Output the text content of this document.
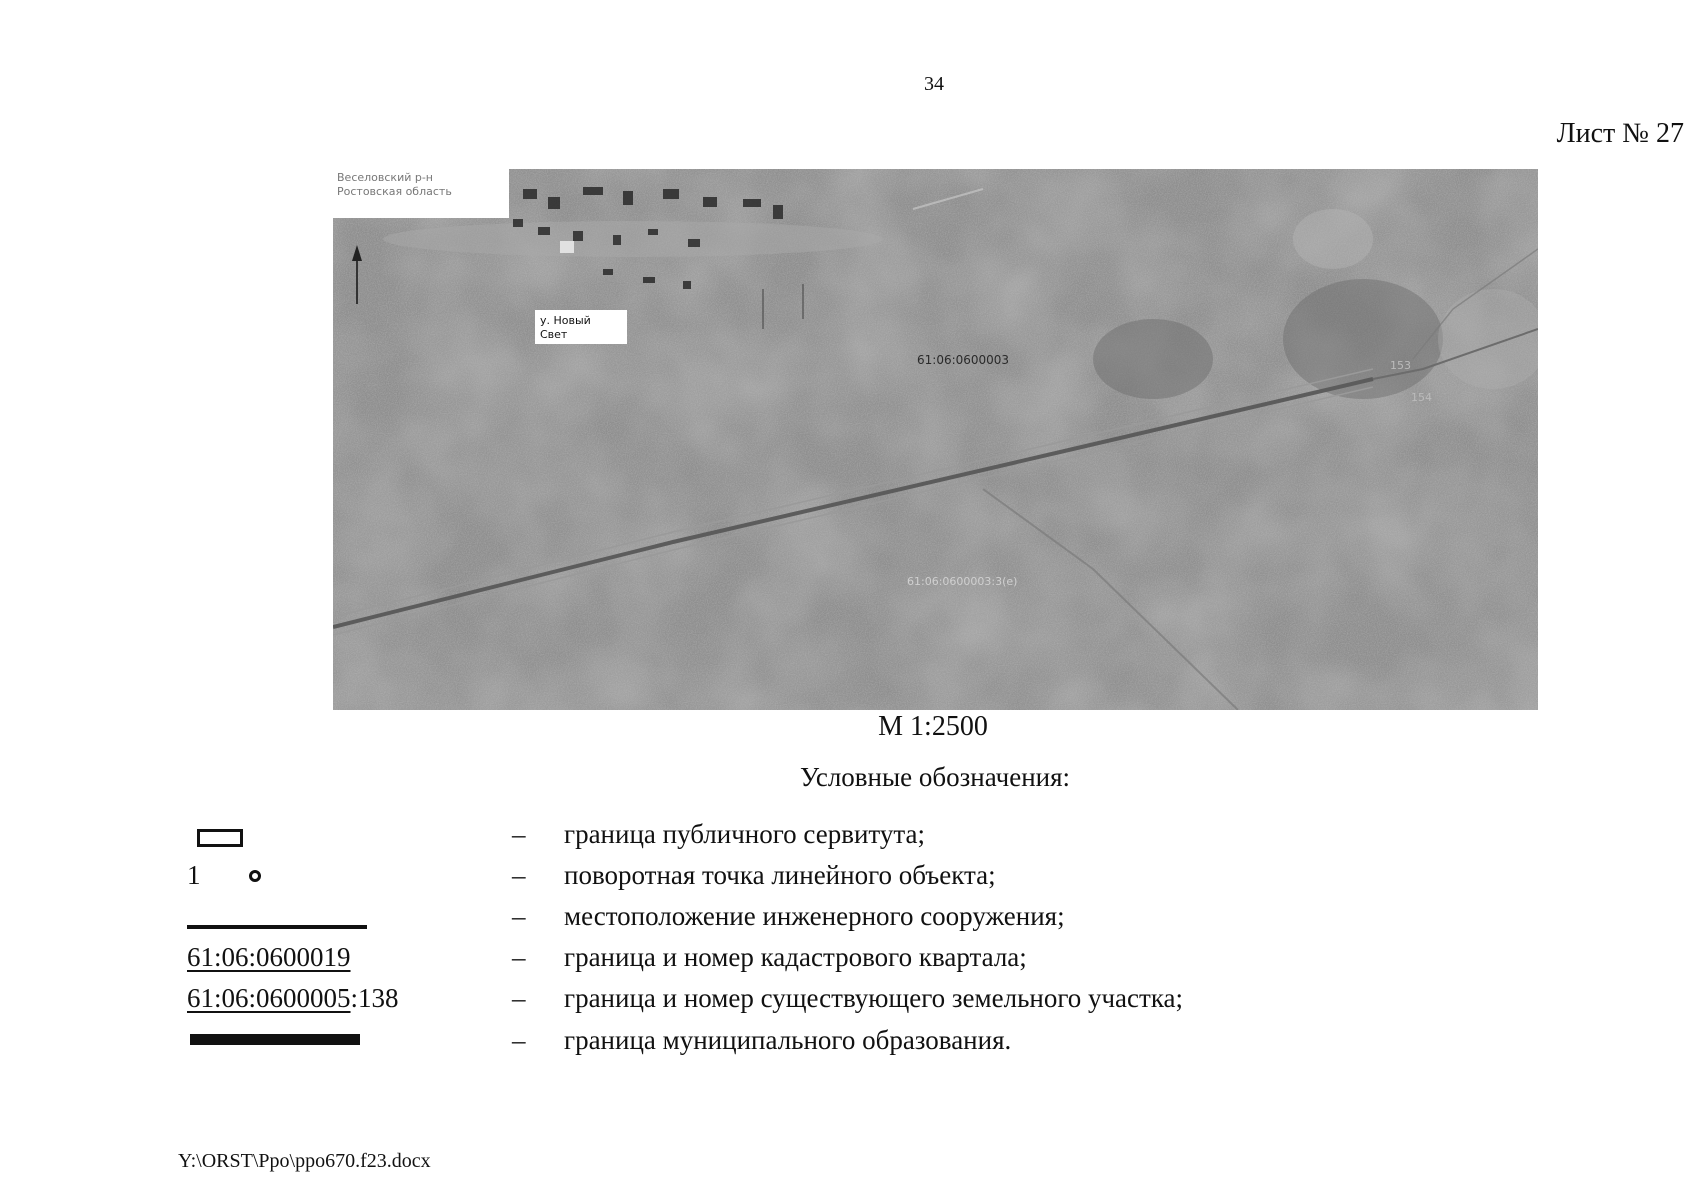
34
Лист № 27
Веселовский р-н
Ростовская область
у. Новый
Свет
61:06:0600003
61:06:0600003:3(е)
153
154
М 1:2500
Условные обозначения:
– граница публичного сервитута;
1	– поворотная точка линейного объекта;
– местоположение инженерного сооружения;
61:06:0600019	– граница и номер кадастрового квартала;
61:06:0600005:138	– граница и номер существующего земельного участка;
– граница муниципального образования.
Y:\ORST\Ppo\ppo670.f23.docx
